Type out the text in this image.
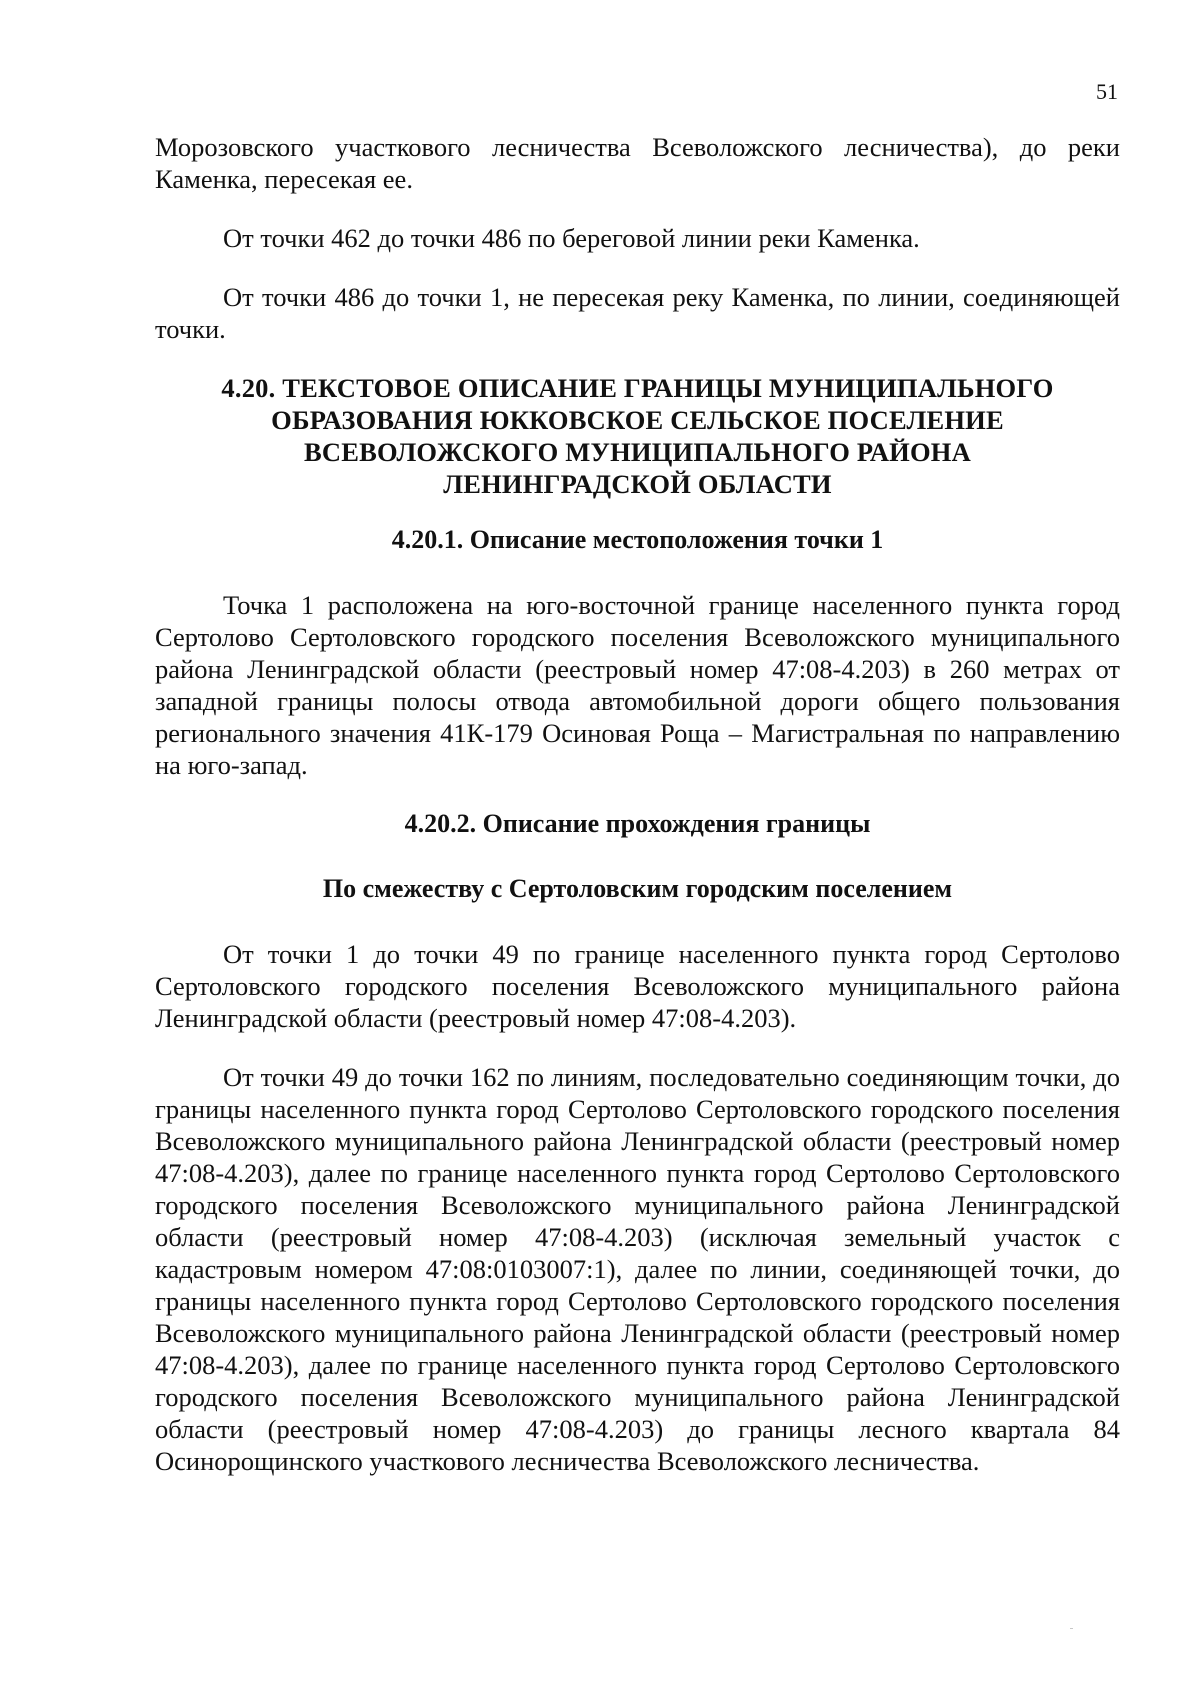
51

Морозовского участкового лесничества Всеволожского лесничества), до реки Каменка, пересекая ее.

От точки 462 до точки 486 по береговой линии реки Каменка.

От точки 486 до точки 1, не пересекая реку Каменка, по линии, соединяющей точки.

4.20. ТЕКСТОВОЕ ОПИСАНИЕ ГРАНИЦЫ МУНИЦИПАЛЬНОГО
ОБРАЗОВАНИЯ ЮККОВСКОЕ СЕЛЬСКОЕ ПОСЕЛЕНИЕ
ВСЕВОЛОЖСКОГО МУНИЦИПАЛЬНОГО РАЙОНА
ЛЕНИНГРАДСКОЙ ОБЛАСТИ
4.20.1. Описание местоположения точки 1

Точка 1 расположена на юго-восточной границе населенного пункта город Сертолово Сертоловского городского поселения Всеволожского муниципального района Ленинградской области (реестровый номер 47:08-4.203) в 260 метрах от западной границы полосы отвода автомобильной дороги общего пользования регионального значения 41К-179 Осиновая Роща – Магистральная по направлению на юго-запад.

4.20.2. Описание прохождения границы
По смежеству с Сертоловским городским поселением

От точки 1 до точки 49 по границе населенного пункта город Сертолово Сертоловского городского поселения Всеволожского муниципального района Ленинградской области (реестровый номер 47:08-4.203).

От точки 49 до точки 162 по линиям, последовательно соединяющим точки, до границы населенного пункта город Сертолово Сертоловского городского поселения Всеволожского муниципального района Ленинградской области (реестровый номер 47:08-4.203), далее по границе населенного пункта город Сертолово Сертоловского городского поселения Всеволожского муниципального района Ленинградской области (реестровый номер 47:08-4.203) (исключая земельный участок с кадастровым номером 47:08:0103007:1), далее по линии, соединяющей точки, до границы населенного пункта город Сертолово Сертоловского городского поселения Всеволожского муниципального района Ленинградской области (реестровый номер 47:08-4.203), далее по границе населенного пункта город Сертолово Сертоловского городского поселения Всеволожского муниципального района Ленинградской области (реестровый номер 47:08-4.203) до границы лесного квартала 84 Осинорощинского участкового лесничества Всеволожского лесничества.
